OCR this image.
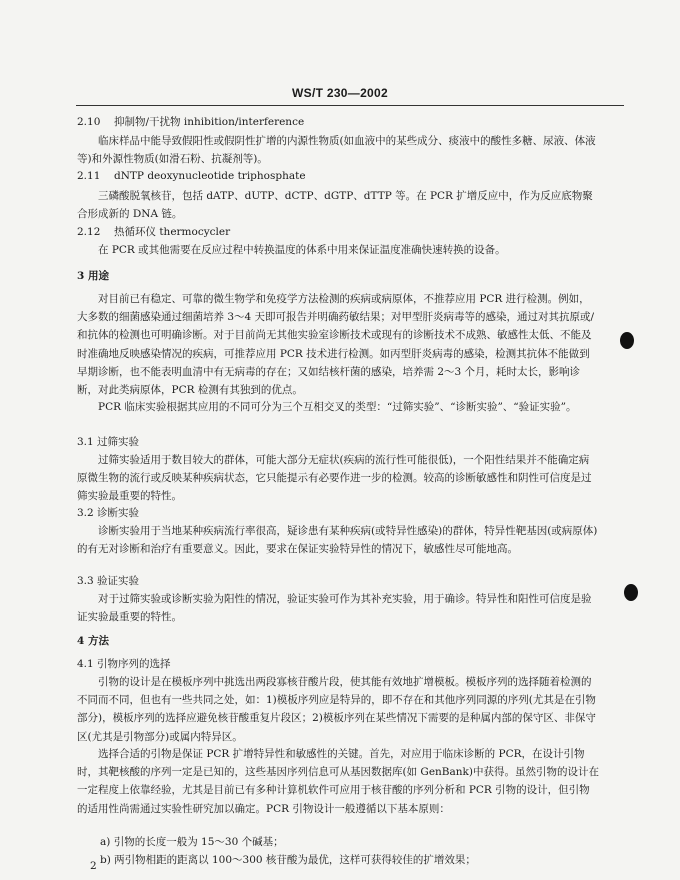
WS/T 230—2002
2.10 抑制物/干扰物 inhibition/interference
临床样品中能导致假阳性或假阴性扩增的内源性物质(如血液中的某些成分、痰液中的酸性多糖、尿液、体液等)和外源性物质(如滑石粉、抗凝剂等)。
2.11 dNTP deoxynucleotide triphosphate
三磷酸脱氧核苷，包括 dATP、dUTP、dCTP、dGTP、dTTP 等。在 PCR 扩增反应中，作为反应底物聚合形成新的 DNA 链。
2.12 热循环仪 thermocycler
在 PCR 或其他需要在反应过程中转换温度的体系中用来保证温度准确快速转换的设备。
3 用途
对目前已有稳定、可靠的微生物学和免疫学方法检测的疾病或病原体，不推荐应用 PCR 进行检测。例如，大多数的细菌感染通过细菌培养 3～4 天即可报告并明确药敏结果；对甲型肝炎病毒等的感染，通过对其抗原或/和抗体的检测也可明确诊断。对于目前尚无其他实验室诊断技术或现有的诊断技术不成熟、敏感性太低、不能及时准确地反映感染情况的疾病，可推荐应用 PCR 技术进行检测。如丙型肝炎病毒的感染，检测其抗体不能做到早期诊断，也不能表明血清中有无病毒的存在；又如结核杆菌的感染，培养需 2～3 个月，耗时太长，影响诊断，对此类病原体，PCR 检测有其独到的优点。
PCR 临床实验根据其应用的不同可分为三个互相交叉的类型：“过筛实验”、“诊断实验”、“验证实验”。
3.1 过筛实验
过筛实验适用于数目较大的群体，可能大部分无症状(疾病的流行性可能很低)，一个阳性结果并不能确定病原微生物的流行或反映某种疾病状态，它只能提示有必要作进一步的检测。较高的诊断敏感性和阴性可信度是过筛实验最重要的特性。
3.2 诊断实验
诊断实验用于当地某种疾病流行率很高，疑诊患有某种疾病(或特异性感染)的群体，特异性靶基因(或病原体)的有无对诊断和治疗有重要意义。因此，要求在保证实验特异性的情况下，敏感性尽可能地高。
3.3 验证实验
对于过筛实验或诊断实验为阳性的情况，验证实验可作为其补充实验，用于确诊。特异性和阳性可信度是验证实验最重要的特性。
4 方法
4.1 引物序列的选择
引物的设计是在模板序列中挑选出两段寡核苷酸片段，使其能有效地扩增模板。模板序列的选择随着检测的不同而不同，但也有一些共同之处，如：1)模板序列应是特异的，即不存在和其他序列同源的序列(尤其是在引物部分)，模板序列的选择应避免核苷酸重复片段区；2)模板序列在某些情况下需要的是种属内部的保守区、非保守区(尤其是引物部分)或属内特异区。
选择合适的引物是保证 PCR 扩增特异性和敏感性的关键。首先，对应用于临床诊断的 PCR，在设计引物时，其靶核酸的序列一定是已知的，这些基因序列信息可从基因数据库(如 GenBank)中获得。虽然引物的设计在一定程度上依靠经验，尤其是目前已有多种计算机软件可应用于核苷酸的序列分析和 PCR 引物的设计，但引物的适用性尚需通过实验性研究加以确定。PCR 引物设计一般遵循以下基本原则：
a) 引物的长度一般为 15～30 个碱基；
b) 两引物相距的距离以 100～300 核苷酸为最优，这样可获得较佳的扩增效果；
2
